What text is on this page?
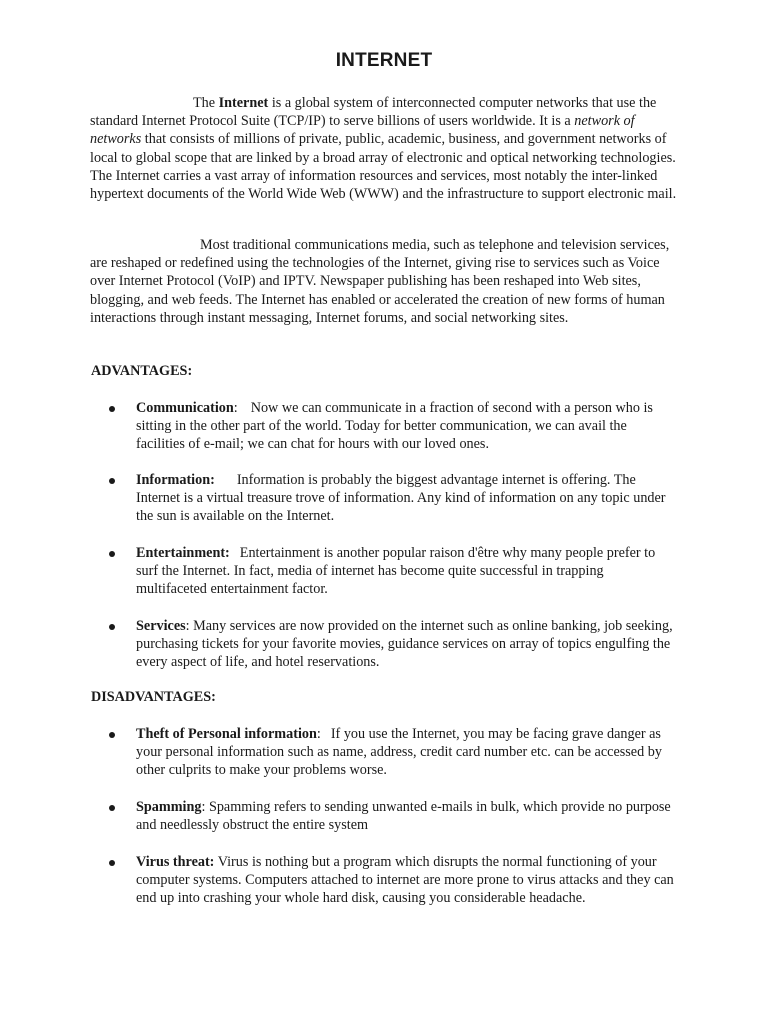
INTERNET
The Internet is a global system of interconnected computer networks that use the standard Internet Protocol Suite (TCP/IP) to serve billions of users worldwide. It is a network of networks that consists of millions of private, public, academic, business, and government networks of local to global scope that are linked by a broad array of electronic and optical networking technologies. The Internet carries a vast array of information resources and services, most notably the inter-linked hypertext documents of the World Wide Web (WWW) and the infrastructure to support electronic mail.
Most traditional communications media, such as telephone and television services, are reshaped or redefined using the technologies of the Internet, giving rise to services such as Voice over Internet Protocol (VoIP) and IPTV. Newspaper publishing has been reshaped into Web sites, blogging, and web feeds. The Internet has enabled or accelerated the creation of new forms of human interactions through instant messaging, Internet forums, and social networking sites.
ADVANTAGES:
Communication: Now we can communicate in a fraction of second with a person who is sitting in the other part of the world. Today for better communication, we can avail the facilities of e-mail; we can chat for hours with our loved ones.
Information: Information is probably the biggest advantage internet is offering. The Internet is a virtual treasure trove of information. Any kind of information on any topic under the sun is available on the Internet.
Entertainment: Entertainment is another popular raison d'être why many people prefer to surf the Internet. In fact, media of internet has become quite successful in trapping multifaceted entertainment factor.
Services: Many services are now provided on the internet such as online banking, job seeking, purchasing tickets for your favorite movies, guidance services on array of topics engulfing the every aspect of life, and hotel reservations.
DISADVANTAGES:
Theft of Personal information: If you use the Internet, you may be facing grave danger as your personal information such as name, address, credit card number etc. can be accessed by other culprits to make your problems worse.
Spamming: Spamming refers to sending unwanted e-mails in bulk, which provide no purpose and needlessly obstruct the entire system
Virus threat: Virus is nothing but a program which disrupts the normal functioning of your computer systems. Computers attached to internet are more prone to virus attacks and they can end up into crashing your whole hard disk, causing you considerable headache.
